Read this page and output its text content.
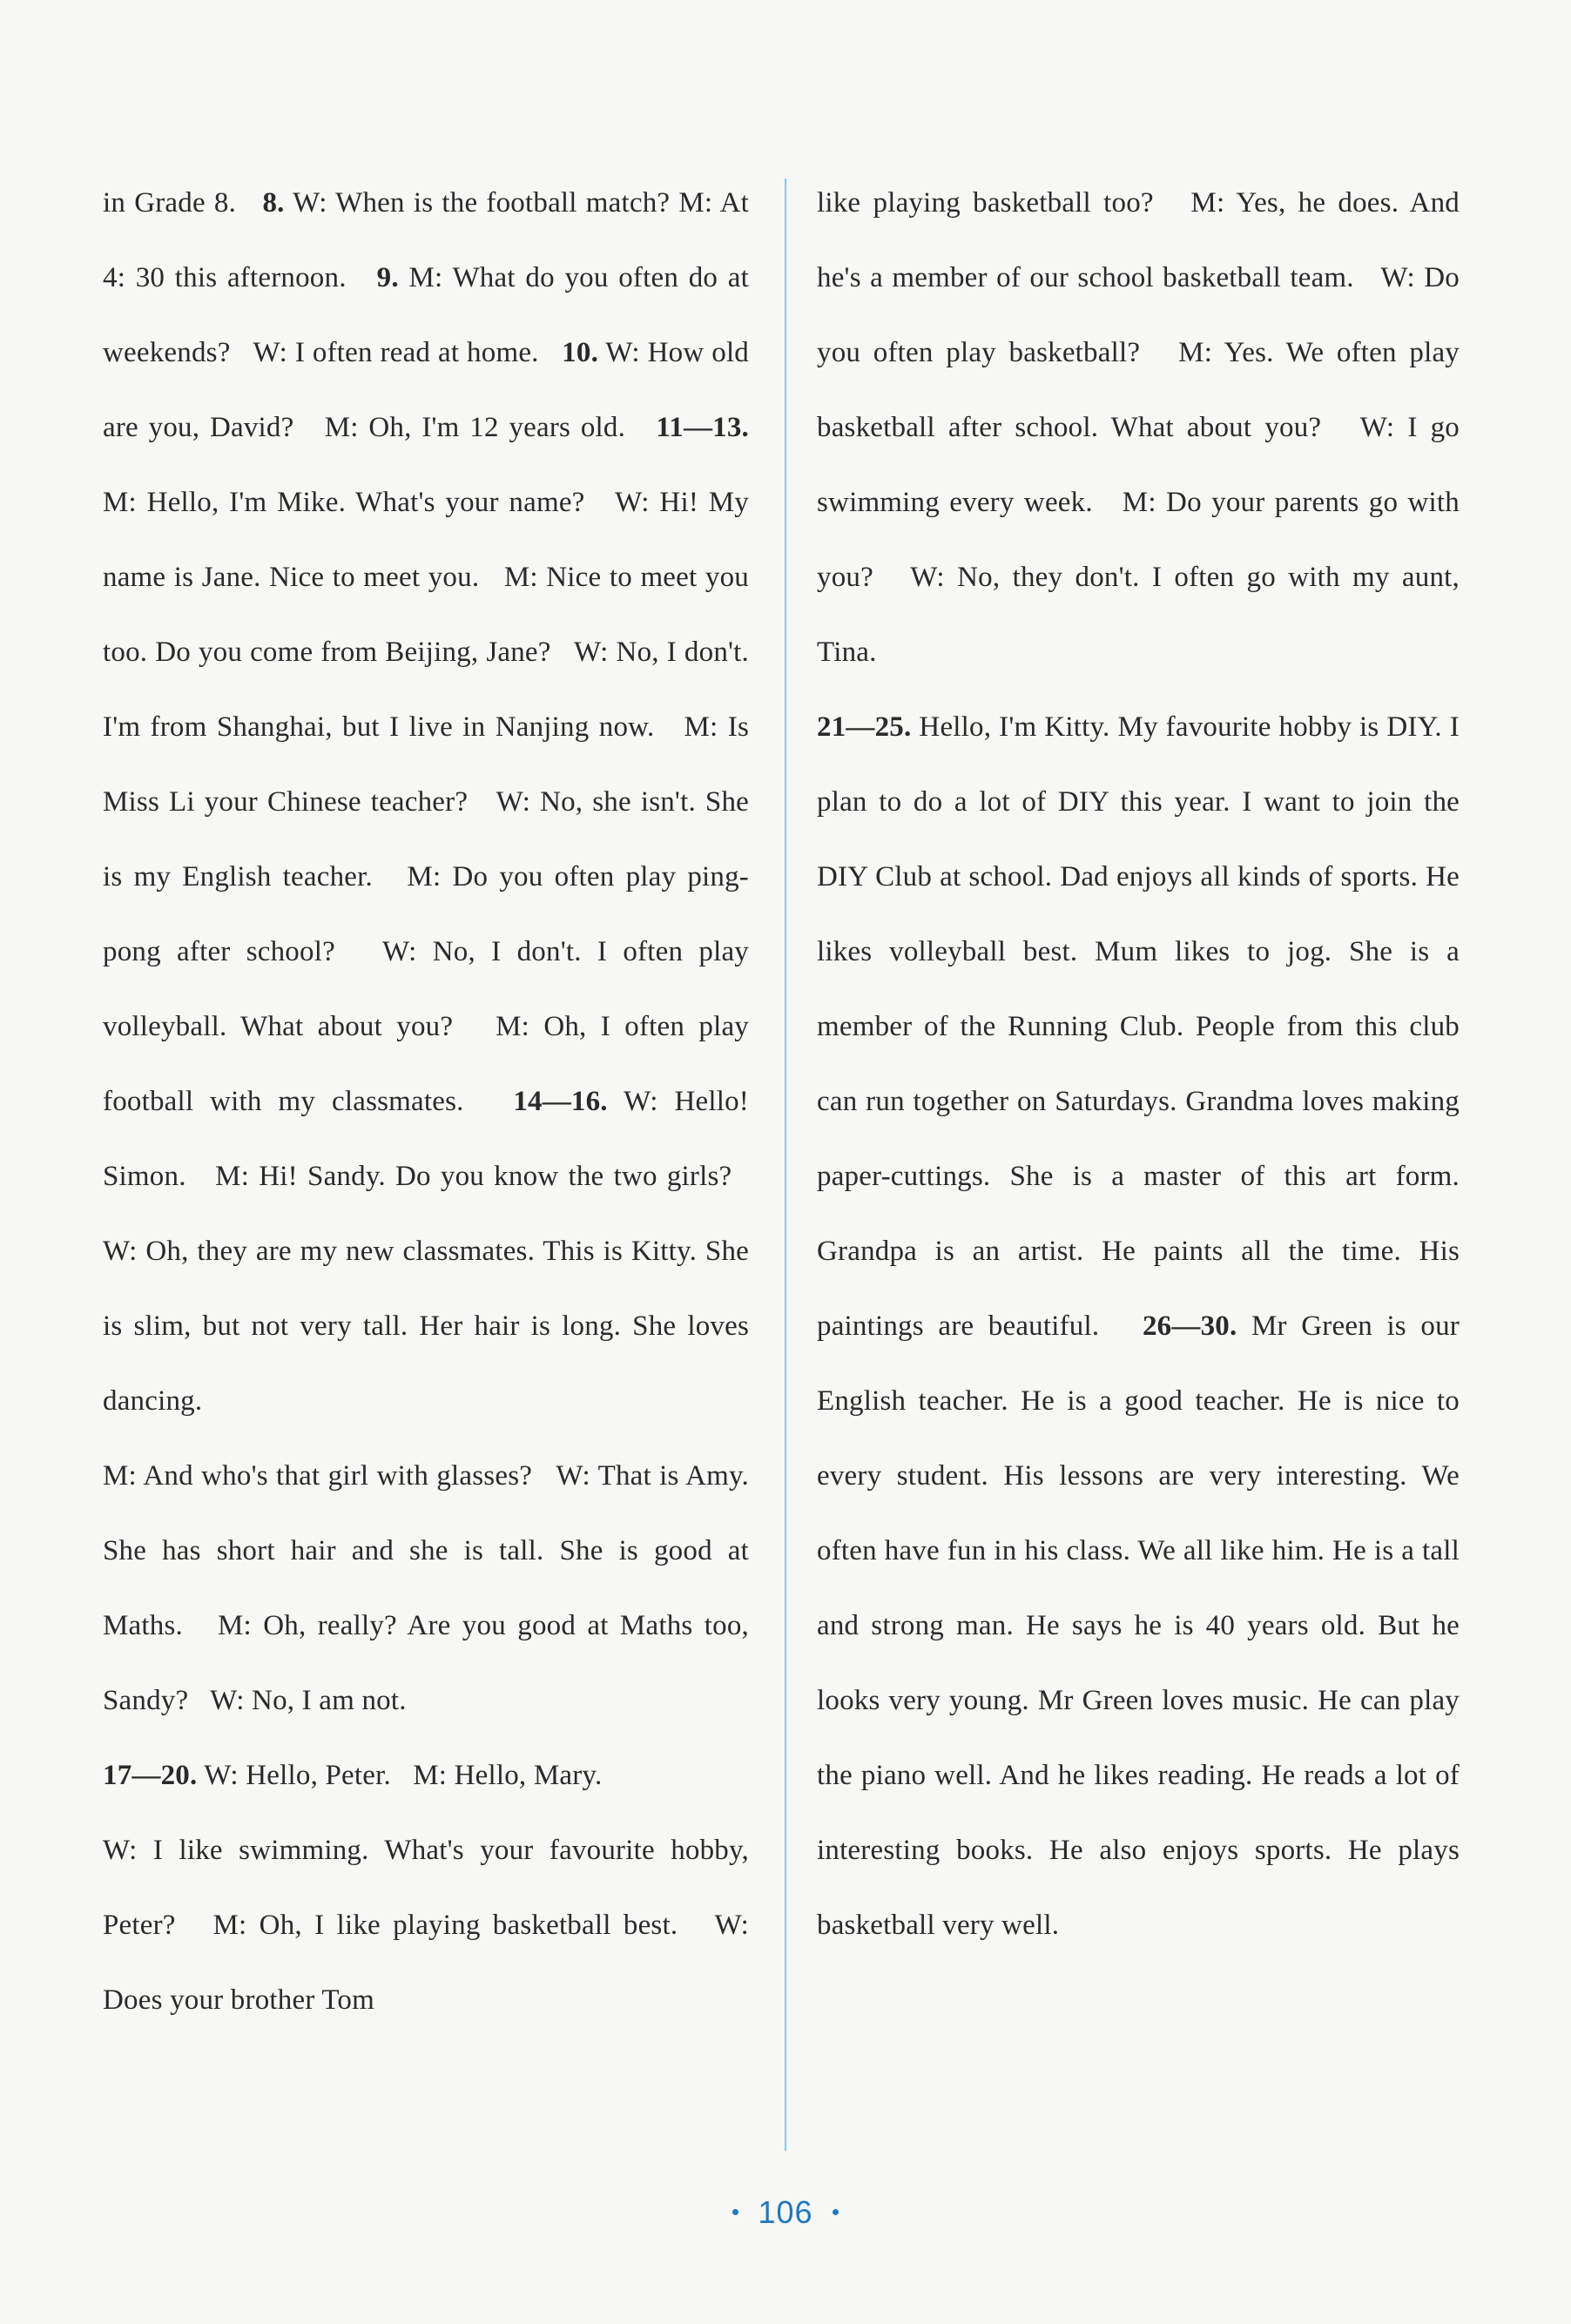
in Grade 8.   8. W: When is the football match? M: At 4: 30 this afternoon.   9. M: What do you often do at weekends?   W: I often read at home.   10. W: How old are you, David?   M: Oh, I'm 12 years old.   11—13. M: Hello, I'm Mike. What's your name?   W: Hi! My name is Jane. Nice to meet you.   M: Nice to meet you too. Do you come from Beijing, Jane?   W: No, I don't. I'm from Shanghai, but I live in Nanjing now.   M: Is Miss Li your Chinese teacher?   W: No, she isn't. She is my English teacher.   M: Do you often play ping-pong after school?   W: No, I don't. I often play volleyball. What about you?   M: Oh, I often play football with my classmates.   14—16. W: Hello! Simon.   M: Hi! Sandy. Do you know the two girls?   W: Oh, they are my new classmates. This is Kitty. She is slim, but not very tall. Her hair is long. She loves dancing.

M: And who's that girl with glasses?   W: That is Amy. She has short hair and she is tall. She is good at Maths.   M: Oh, really? Are you good at Maths too, Sandy?   W: No, I am not.

17—20. W: Hello, Peter.   M: Hello, Mary.

W: I like swimming. What's your favourite hobby, Peter?   M: Oh, I like playing basketball best.   W: Does your brother Tom

like playing basketball too?   M: Yes, he does. And he's a member of our school basketball team.   W: Do you often play basketball?   M: Yes. We often play basketball after school. What about you?   W: I go swimming every week.   M: Do your parents go with you?   W: No, they don't. I often go with my aunt, Tina.

21—25. Hello, I'm Kitty. My favourite hobby is DIY. I plan to do a lot of DIY this year. I want to join the DIY Club at school. Dad enjoys all kinds of sports. He likes volleyball best. Mum likes to jog. She is a member of the Running Club. People from this club can run together on Saturdays. Grandma loves making paper-cuttings. She is a master of this art form. Grandpa is an artist. He paints all the time. His paintings are beautiful.   26—30. Mr Green is our English teacher. He is a good teacher. He is nice to every student. His lessons are very interesting. We often have fun in his class. We all like him. He is a tall and strong man. He says he is 40 years old. But he looks very young. Mr Green loves music. He can play the piano well. And he likes reading. He reads a lot of interesting books. He also enjoys sports. He plays basketball very well.

106
